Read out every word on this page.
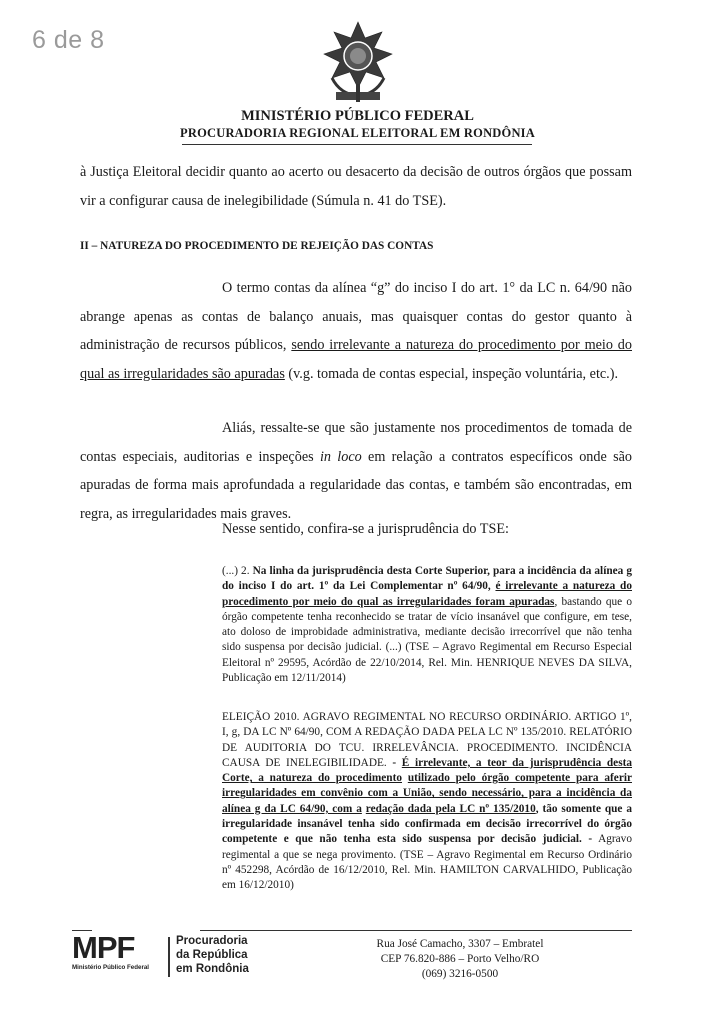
6 de 8
MINISTÉRIO PÚBLICO FEDERAL
PROCURADORIA REGIONAL ELEITORAL EM RONDÔNIA
à Justiça Eleitoral decidir quanto ao acerto ou desacerto da decisão de outros órgãos que possam vir a configurar causa de inelegibilidade (Súmula n. 41 do TSE).
II – NATUREZA DO PROCEDIMENTO DE REJEIÇÃO DAS CONTAS
O termo contas da alínea “g” do inciso I do art. 1° da LC n. 64/90 não abrange apenas as contas de balanço anuais, mas quaisquer contas do gestor quanto à administração de recursos públicos, sendo irrelevante a natureza do procedimento por meio do qual as irregularidades são apuradas (v.g. tomada de contas especial, inspeção voluntária, etc.).
Aliás, ressalte-se que são justamente nos procedimentos de tomada de contas especiais, auditorias e inspeções in loco em relação a contratos específicos onde são apuradas de forma mais aprofundada a regularidade das contas, e também são encontradas, em regra, as irregularidades mais graves.
Nesse sentido, confira-se a jurisprudência do TSE:
(...) 2. Na linha da jurisprudência desta Corte Superior, para a incidência da alínea g do inciso I do art. 1º da Lei Complementar nº 64/90, é irrelevante a natureza do procedimento por meio do qual as irregularidades foram apuradas, bastando que o órgão competente tenha reconhecido se tratar de vício insanável que configure, em tese, ato doloso de improbidade administrativa, mediante decisão irrecorrível que não tenha sido suspensa por decisão judicial. (...) (TSE – Agravo Regimental em Recurso Especial Eleitoral nº 29595, Acórdão de 22/10/2014, Rel. Min. HENRIQUE NEVES DA SILVA, Publicação em 12/11/2014)
ELEIÇÃO 2010. AGRAVO REGIMENTAL NO RECURSO ORDINÁRIO. ARTIGO 1º, I, g, DA LC Nº 64/90, COM A REDAÇÃO DADA PELA LC Nº 135/2010. RELATÓRIO DE AUDITORIA DO TCU. IRRELEVÂNCIA. PROCEDIMENTO. INCIDÊNCIA CAUSA DE INELEGIBILIDADE. - É irrelevante, a teor da jurisprudência desta Corte, a natureza do procedimento utilizado pelo órgão competente para aferir irregularidades em convênio com a União, sendo necessário, para a incidência da alínea g da LC 64/90, com a redação dada pela LC nº 135/2010, tão somente que a irregularidade insanável tenha sido confirmada em decisão irrecorrível do órgão competente e que não tenha esta sido suspensa por decisão judicial. - Agravo regimental a que se nega provimento. (TSE – Agravo Regimental em Recurso Ordinário nº 452298, Acórdão de 16/12/2010, Rel. Min. HAMILTON CARVALHIDO, Publicação em 16/12/2010)
MPF
Ministério Público Federal
Procuradoria
da República
em Rondônia
Rua José Camacho, 3307 – Embratel
CEP 76.820-886 – Porto Velho/RO
(069) 3216-0500
